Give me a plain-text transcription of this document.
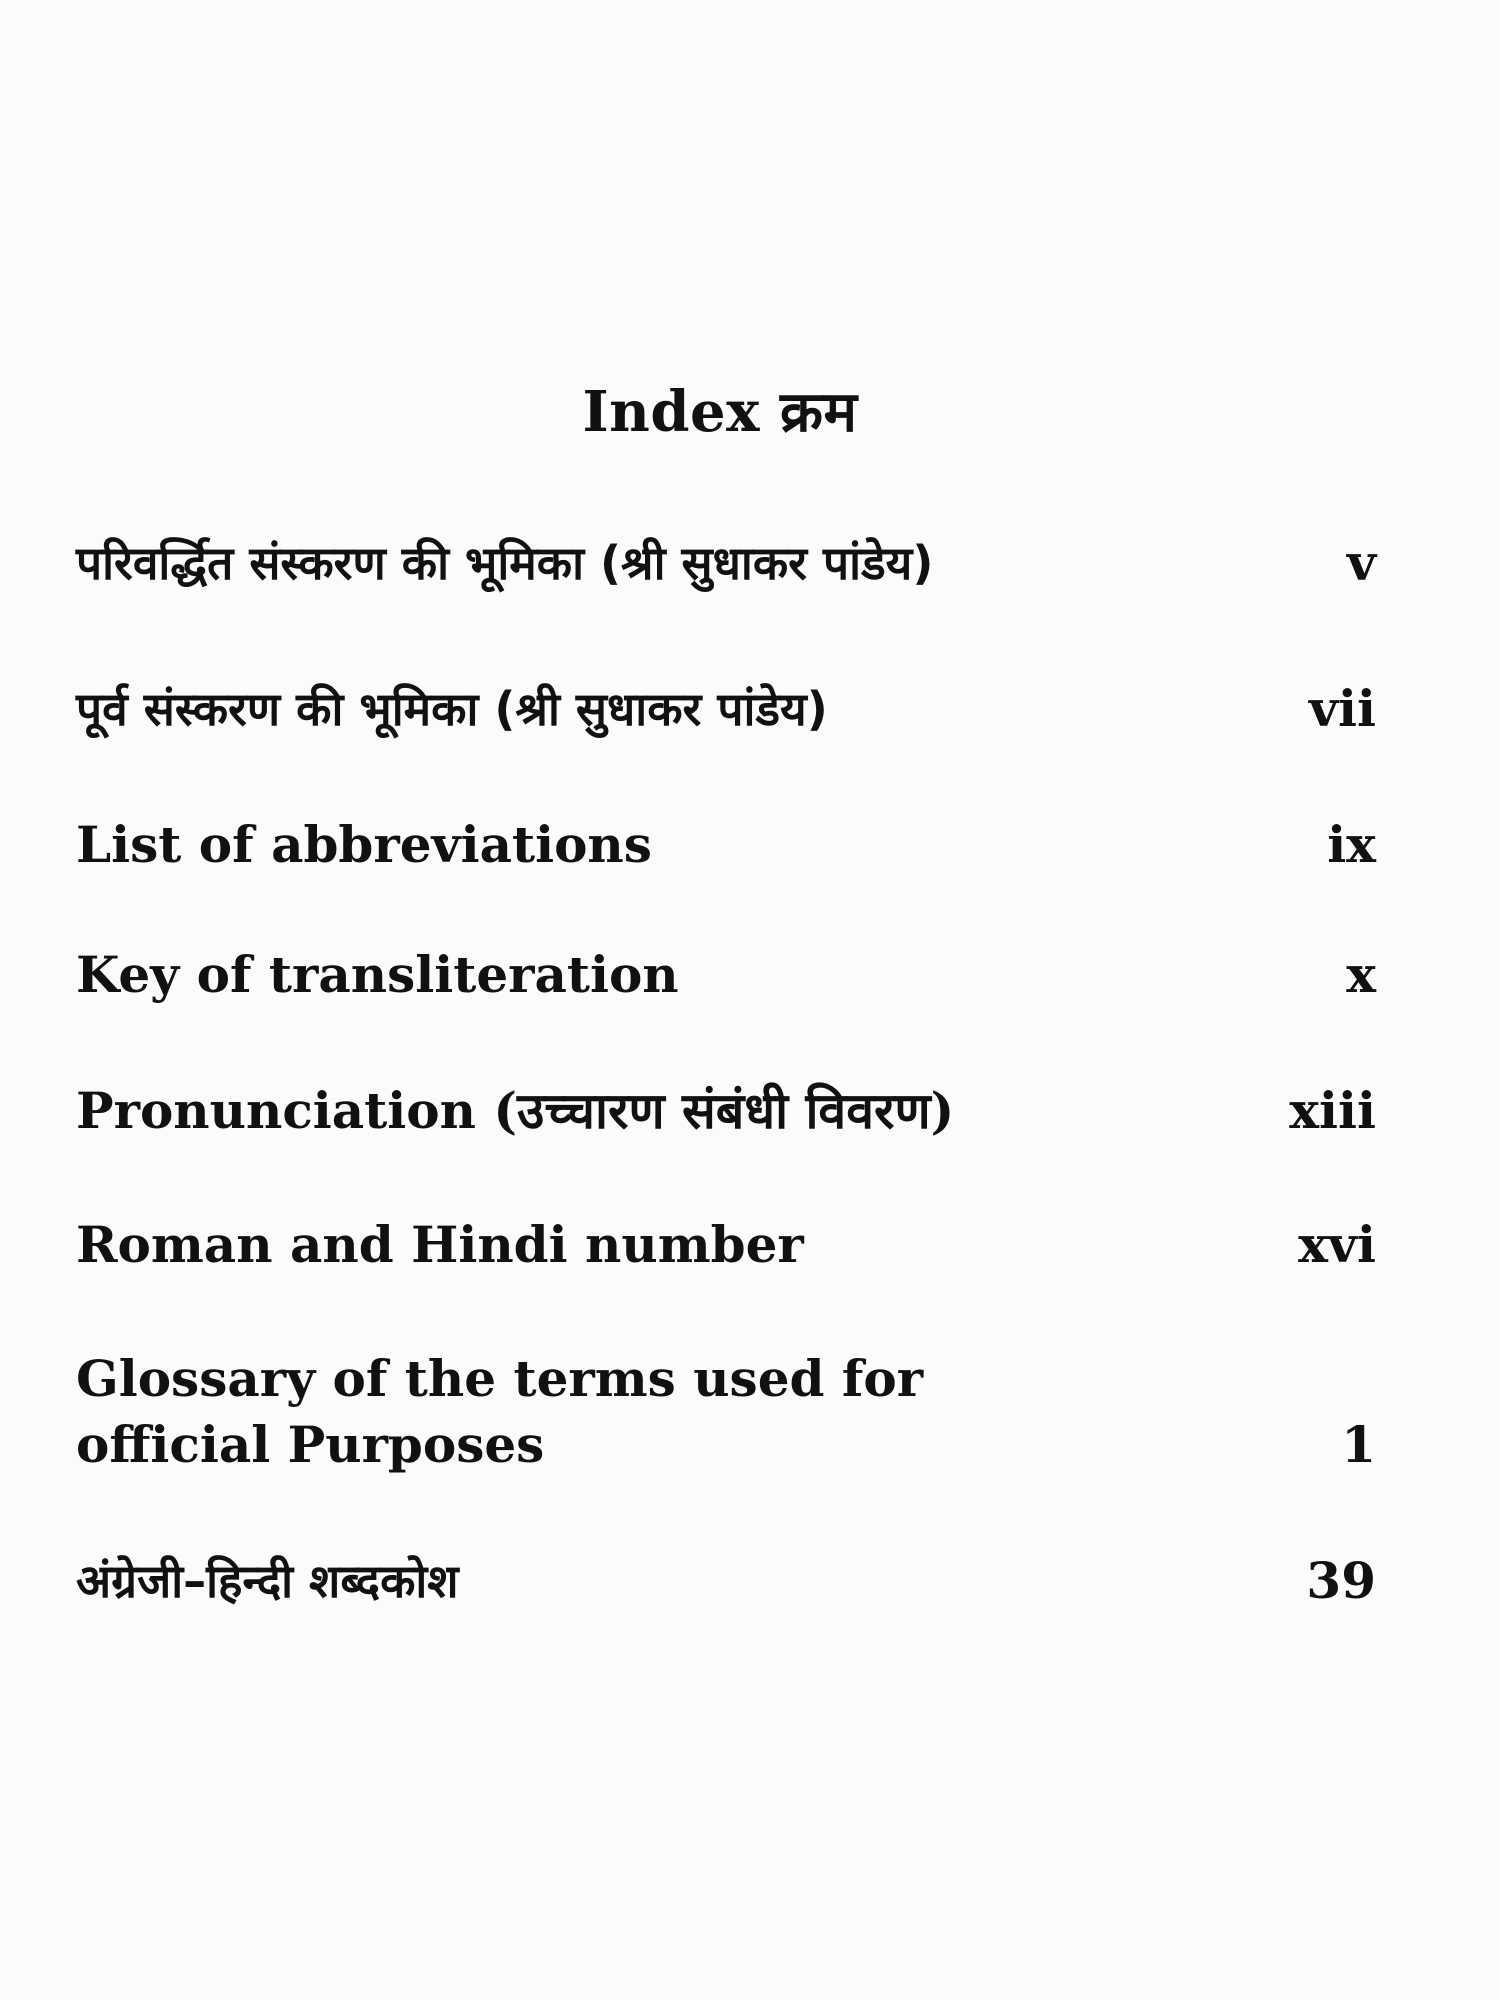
Index क्रम
परिवर्द्धित संस्करण की भूमिका (श्री सुधाकर पांडेय)	v
पूर्व संस्करण की भूमिका (श्री सुधाकर पांडेय)	vii
List of abbreviations	ix
Key of transliteration	x
Pronunciation (उच्चारण संबंधी विवरण)	xiii
Roman and Hindi number	xvi
Glossary of the terms used for official Purposes	1
अंग्रेजी–हिन्दी शब्दकोश	39
